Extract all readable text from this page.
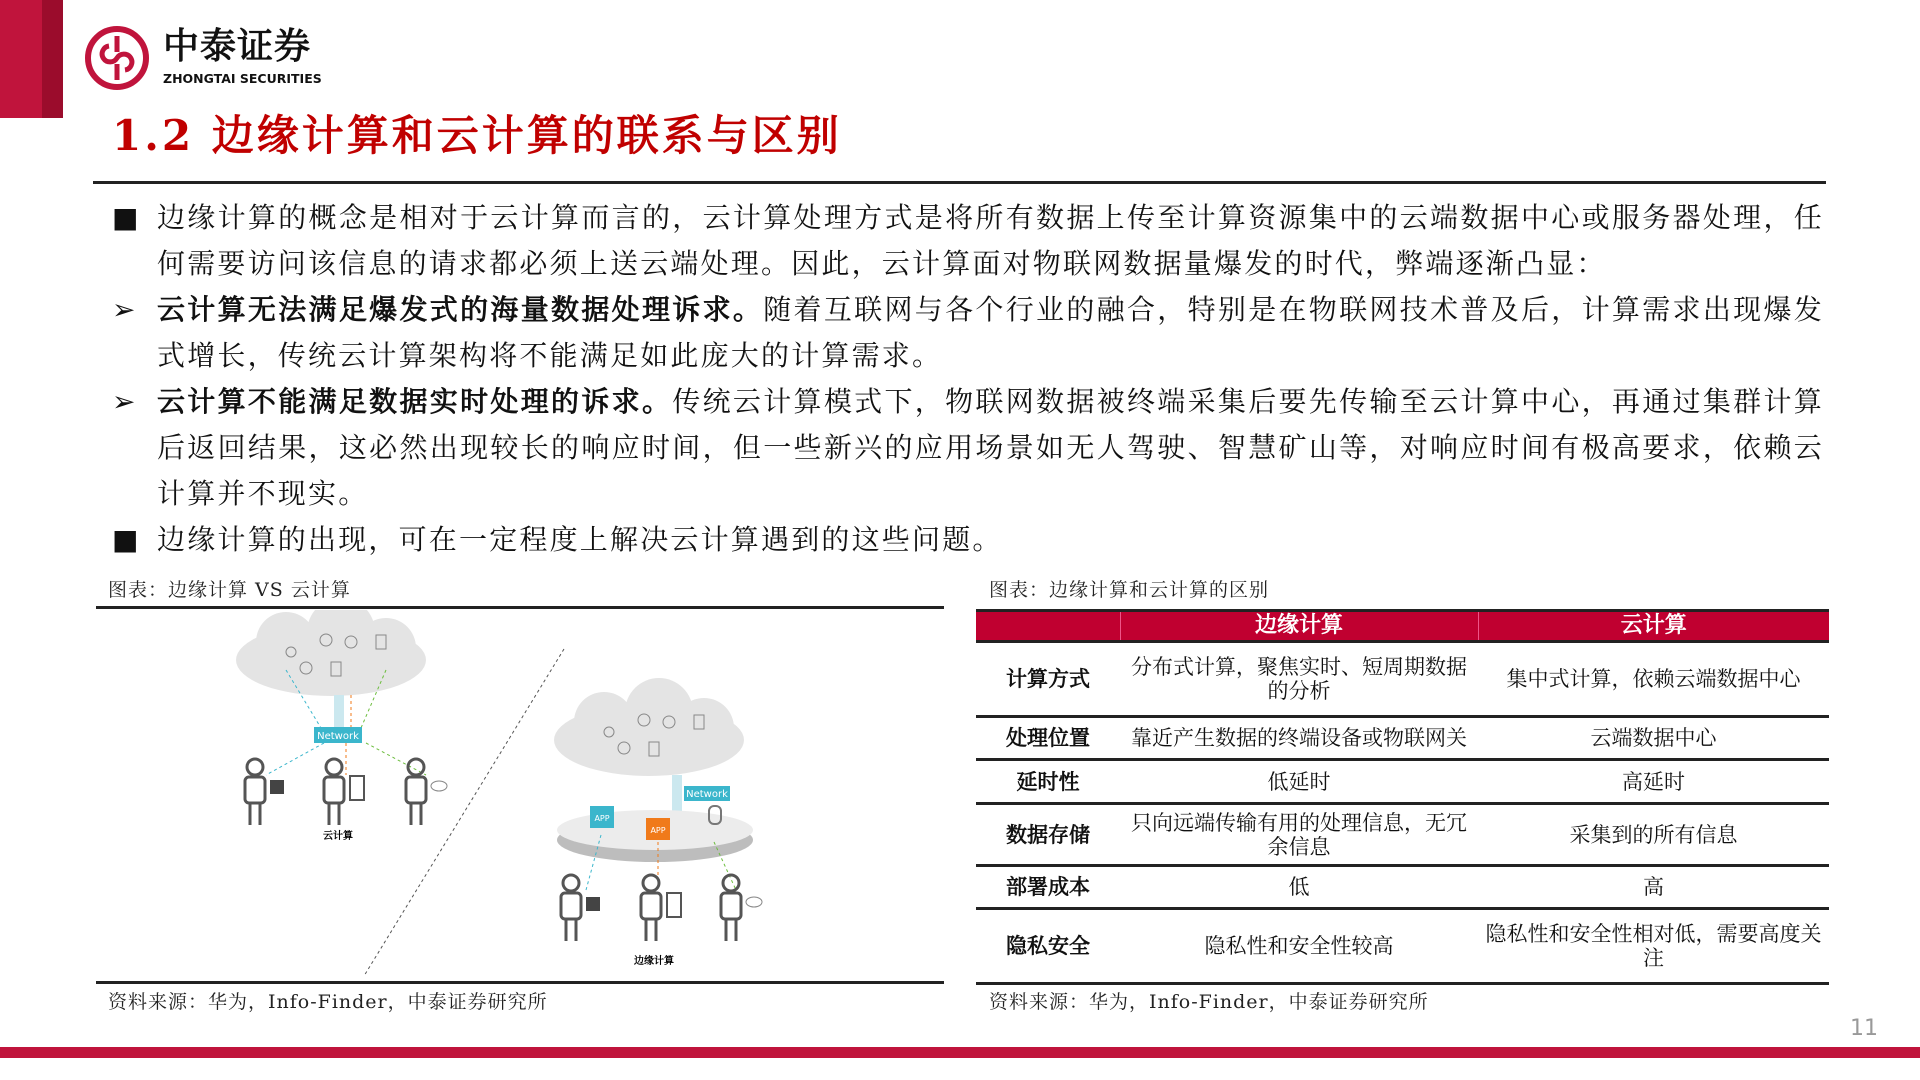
中泰证券
ZHONGTAI SECURITIES
1.2 边缘计算和云计算的联系与区别
■ 边缘计算的概念是相对于云计算而言的，云计算处理方式是将所有数据上传至计算资源集中的云端数据中心或服务器处理，任何需要访问该信息的请求都必须上送云端处理。因此，云计算面对物联网数据量爆发的时代，弊端逐渐凸显：
➢ 云计算无法满足爆发式的海量数据处理诉求。随着互联网与各个行业的融合，特别是在物联网技术普及后，计算需求出现爆发式增长，传统云计算架构将不能满足如此庞大的计算需求。
➢ 云计算不能满足数据实时处理的诉求。传统云计算模式下，物联网数据被终端采集后要先传输至云计算中心，再通过集群计算后返回结果，这必然出现较长的响应时间，但一些新兴的应用场景如无人驾驶、智慧矿山等，对响应时间有极高要求，依赖云计算并不现实。
■ 边缘计算的出现，可在一定程度上解决云计算遇到的这些问题。
图表：边缘计算 VS 云计算
Network
云计算
Network
APP
APP
边缘计算
资料来源：华为，Info-Finder，中泰证券研究所
图表：边缘计算和云计算的区别
	边缘计算	云计算
计算方式	分布式计算，聚焦实时、短周期数据的分析	集中式计算，依赖云端数据中心
处理位置	靠近产生数据的终端设备或物联网关	云端数据中心
延时性	低延时	高延时
数据存储	只向远端传输有用的处理信息，无冗余信息	采集到的所有信息
部署成本	低	高
隐私安全	隐私性和安全性较高	隐私性和安全性相对低，需要高度关注
资料来源：华为，Info-Finder，中泰证券研究所
11
